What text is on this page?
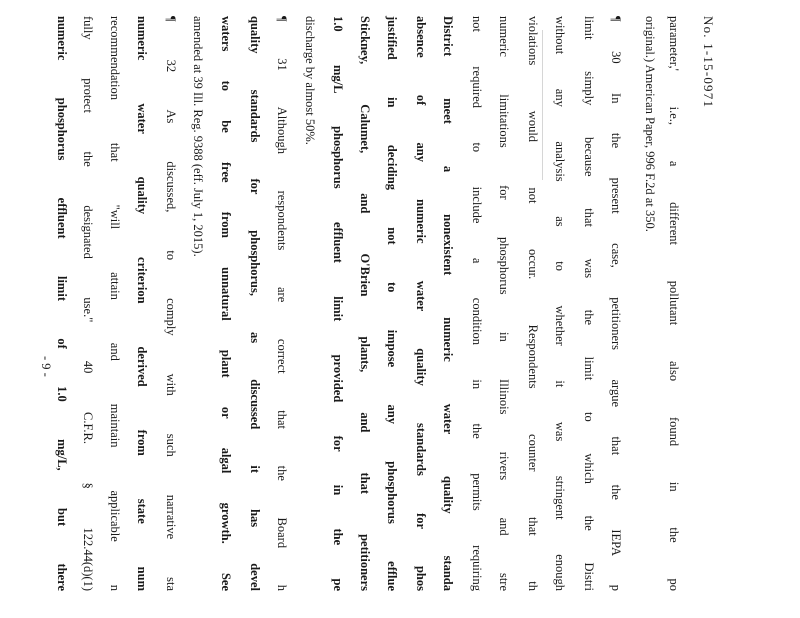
No. 1-15-0971
parameter,' i.e., a different pollutant also found in the po
original.) American Paper, 996 F.2d at 350.
¶ 30 In the present case, petitioners argue that the IEPA p
limit simply because that was the limit to which the Distri
without any analysis as to whether it was stringent enough
violations would not occur. Respondents counter that th
numeric limitations for phosphorus in Illinois rivers and stre
not required to include a condition in the permits requiring
District meet a nonexistent numeric water quality standa
absence of any numeric water quality standards for phos
justified in deciding not to impose any phosphorus efflue
Stickney, Calumet, and O'Brien plants, and that petitioners
1.0 mg/L phosphorus effluent limit provided for in the pe
discharge by almost 50%.
¶ 31 Although respondents are correct that the Board h
quality standards for phosphorus, as discussed it has devel
waters to be free from unnatural plant or algal growth. See
amended at 39 Ill. Reg. 9388 (eff. July 1, 2015).
¶ 32 As discussed, to comply with such narrative sta
numeric water quality criterion derived from state num
recommendation that "will attain and maintain applicable n
fully protect the designated use." 40 C.F.R. § 122.44(d)(1)
numeric phosphorus effluent limit of 1.0 mg/L, but there
- 9 -
